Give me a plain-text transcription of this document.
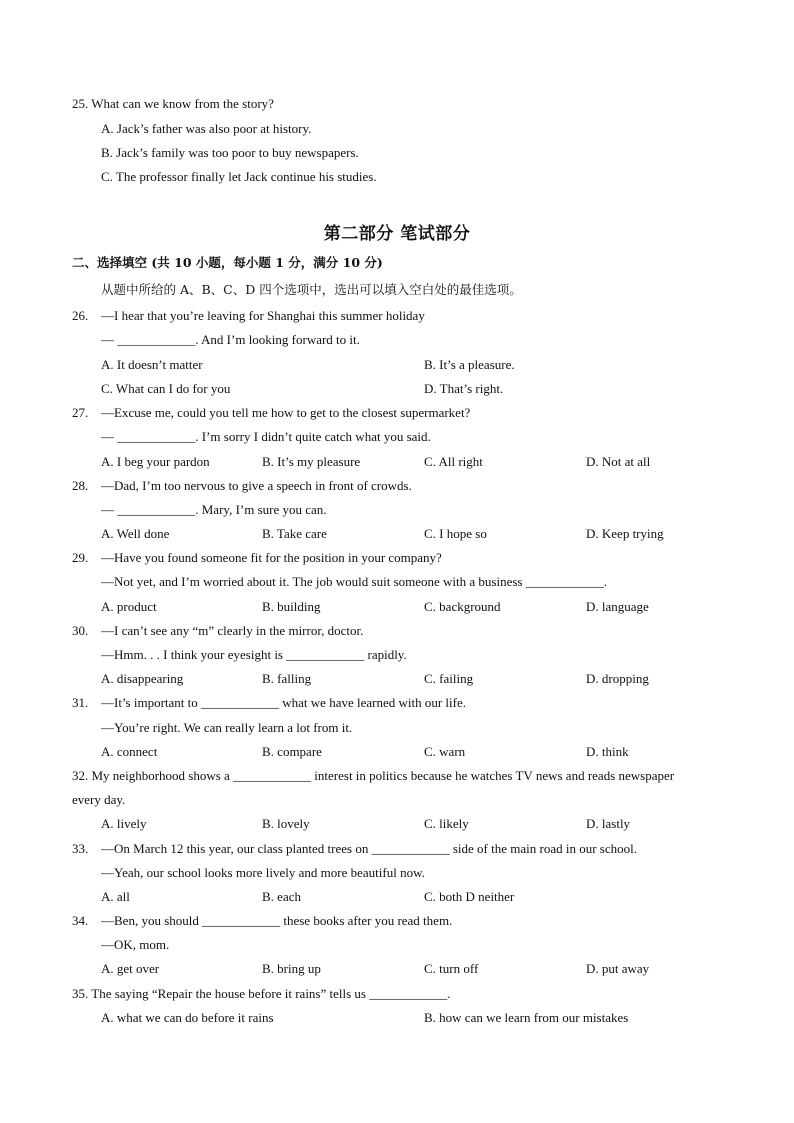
25. What can we know from the story?
A. Jack’s father was also poor at history.
B. Jack’s family was too poor to buy newspapers.
C. The professor finally let Jack continue his studies.
第二部分 笔试部分
二、选择填空 (共 10 小题，每小题 1 分，满分 10 分)
从题中所给的 A、B、C、D 四个选项中，选出可以填入空白处的最佳选项。
26. —I hear that you’re leaving for Shanghai this summer holiday
— ____________. And I’m looking forward to it.
A. It doesn’t matter	B. It’s a pleasure.
C. What can I do for you	D. That’s right.
27. —Excuse me, could you tell me how to get to the closest supermarket?
— ____________. I’m sorry I didn’t quite catch what you said.
A. I beg your pardon	B. It’s my pleasure	C. All right	D. Not at all
28. —Dad, I’m too nervous to give a speech in front of crowds.
— ____________. Mary, I’m sure you can.
A. Well done	B. Take care	C. I hope so	D. Keep trying
29. —Have you found someone fit for the position in your company?
—Not yet, and I’m worried about it. The job would suit someone with a business ____________.
A. product	B. building	C. background	D. language
30. —I can’t see any “m” clearly in the mirror, doctor.
—Hmm. . . I think your eyesight is ____________ rapidly.
A. disappearing	B. falling	C. failing	D. dropping
31. —It’s important to ____________ what we have learned with our life.
—You’re right. We can really learn a lot from it.
A. connect	B. compare	C. warn	D. think
32. My neighborhood shows a ____________ interest in politics because he watches TV news and reads newspaper
every day.
A. lively	B. lovely	C. likely	D. lastly
33. —On March 12 this year, our class planted trees on ____________ side of the main road in our school.
—Yeah, our school looks more lively and more beautiful now.
A. all	B. each	C. both D neither
34. —Ben, you should ____________ these books after you read them.
—OK, mom.
A. get over	B. bring up	C. turn off	D. put away
35. The saying “Repair the house before it rains” tells us ____________.
A. what we can do before it rains	B. how can we learn from our mistakes
